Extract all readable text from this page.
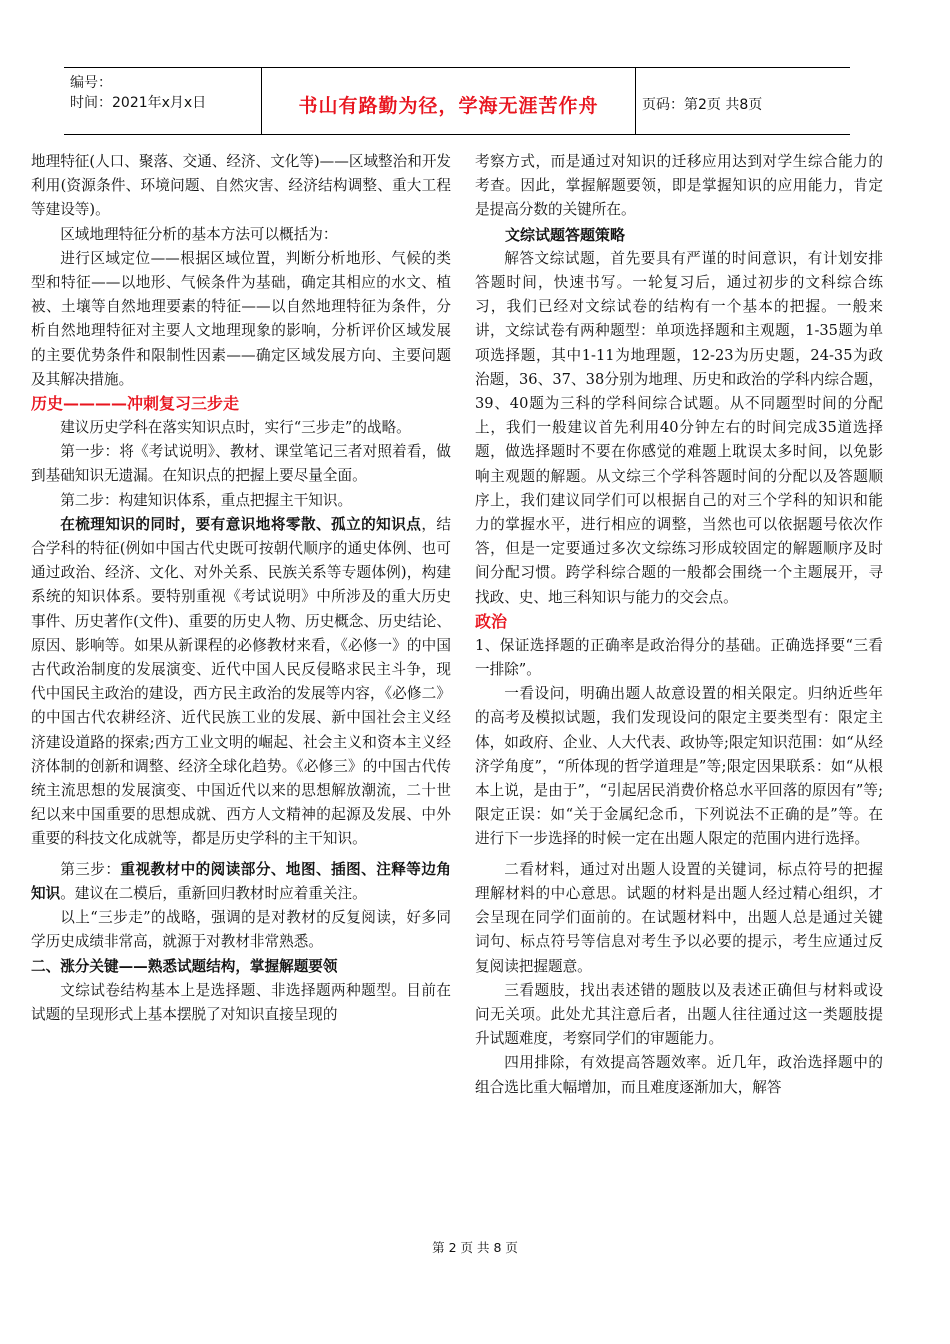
编号：
时间：2021年x月x日	书山有路勤为径，学海无涯苦作舟	页码：第2页 共8页

地理特征(人口、聚落、交通、经济、文化等)——区域整治和开发利用(资源条件、环境问题、自然灾害、经济结构调整、重大工程等建设等)。

区域地理特征分析的基本方法可以概括为：

进行区域定位——根据区域位置，判断分析地形、气候的类型和特征——以地形、气候条件为基础，确定其相应的水文、植被、土壤等自然地理要素的特征——以自然地理特征为条件，分析自然地理特征对主要人文地理现象的影响，分析评价区域发展的主要优势条件和限制性因素——确定区域发展方向、主要问题及其解决措施。

历史————冲刺复习三步走

建议历史学科在落实知识点时，实行“三步走”的战略。

第一步：将《考试说明》、教材、课堂笔记三者对照着看，做到基础知识无遗漏。在知识点的把握上要尽量全面。

第二步：构建知识体系，重点把握主干知识。

在梳理知识的同时，要有意识地将零散、孤立的知识点，结合学科的特征(例如中国古代史既可按朝代顺序的通史体例、也可通过政治、经济、文化、对外关系、民族关系等专题体例)，构建系统的知识体系。要特别重视《考试说明》中所涉及的重大历史事件、历史著作(文件)、重要的历史人物、历史概念、历史结论、原因、影响等。如果从新课程的必修教材来看，《必修一》的中国古代政治制度的发展演变、近代中国人民反侵略求民主斗争，现代中国民主政治的建设，西方民主政治的发展等内容，《必修二》的中国古代农耕经济、近代民族工业的发展、新中国社会主义经济建设道路的探索;西方工业文明的崛起、社会主义和资本主义经济体制的创新和调整、经济全球化趋势。《必修三》的中国古代传统主流思想的发展演变、中国近代以来的思想解放潮流，二十世纪以来中国重要的思想成就、西方人文精神的起源及发展、中外重要的科技文化成就等，都是历史学科的主干知识。

第三步：重视教材中的阅读部分、地图、插图、注释等边角知识。建议在二模后，重新回归教材时应着重关注。

以上“三步走”的战略，强调的是对教材的反复阅读，好多同学历史成绩非常高，就源于对教材非常熟悉。

二、涨分关键——熟悉试题结构，掌握解题要领

文综试卷结构基本上是选择题、非选择题两种题型。目前在试题的呈现形式上基本摆脱了对知识直接呈现的

考察方式，而是通过对知识的迁移应用达到对学生综合能力的考查。因此，掌握解题要领，即是掌握知识的应用能力，肯定是提高分数的关键所在。

文综试题答题策略

解答文综试题，首先要具有严谨的时间意识，有计划安排答题时间，快速书写。一轮复习后，通过初步的文科综合练习，我们已经对文综试卷的结构有一个基本的把握。一般来讲，文综试卷有两种题型：单项选择题和主观题，1-35题为单项选择题，其中1-11为地理题，12-23为历史题，24-35为政治题，36、37、38分别为地理、历史和政治的学科内综合题，39、40题为三科的学科间综合试题。从不同题型时间的分配上，我们一般建议首先利用40分钟左右的时间完成35道选择题，做选择题时不要在你感觉的难题上耽误太多时间，以免影响主观题的解题。从文综三个学科答题时间的分配以及答题顺序上，我们建议同学们可以根据自己的对三个学科的知识和能力的掌握水平，进行相应的调整，当然也可以依据题号依次作答，但是一定要通过多次文综练习形成较固定的解题顺序及时间分配习惯。跨学科综合题的一般都会围绕一个主题展开，寻找政、史、地三科知识与能力的交会点。

政治

1、保证选择题的正确率是政治得分的基础。正确选择要“三看一排除”。

一看设问，明确出题人故意设置的相关限定。归纳近些年的高考及模拟试题，我们发现设问的限定主要类型有：限定主体，如政府、企业、人大代表、政协等;限定知识范围：如“从经济学角度”，“所体现的哲学道理是”等;限定因果联系：如“从根本上说，是由于”，“引起居民消费价格总水平回落的原因有”等;限定正误：如“关于金属纪念币，下列说法不正确的是”等。在进行下一步选择的时候一定在出题人限定的范围内进行选择。

二看材料，通过对出题人设置的关键词，标点符号的把握理解材料的中心意思。试题的材料是出题人经过精心组织，才会呈现在同学们面前的。在试题材料中，出题人总是通过关键词句、标点符号等信息对考生予以必要的提示，考生应通过反复阅读把握题意。

三看题肢，找出表述错的题肢以及表述正确但与材料或设问无关项。此处尤其注意后者，出题人往往通过这一类题肢提升试题难度，考察同学们的审题能力。

四用排除，有效提高答题效率。近几年，政治选择题中的组合选比重大幅增加，而且难度逐渐加大，解答

第 2 页 共 8 页
